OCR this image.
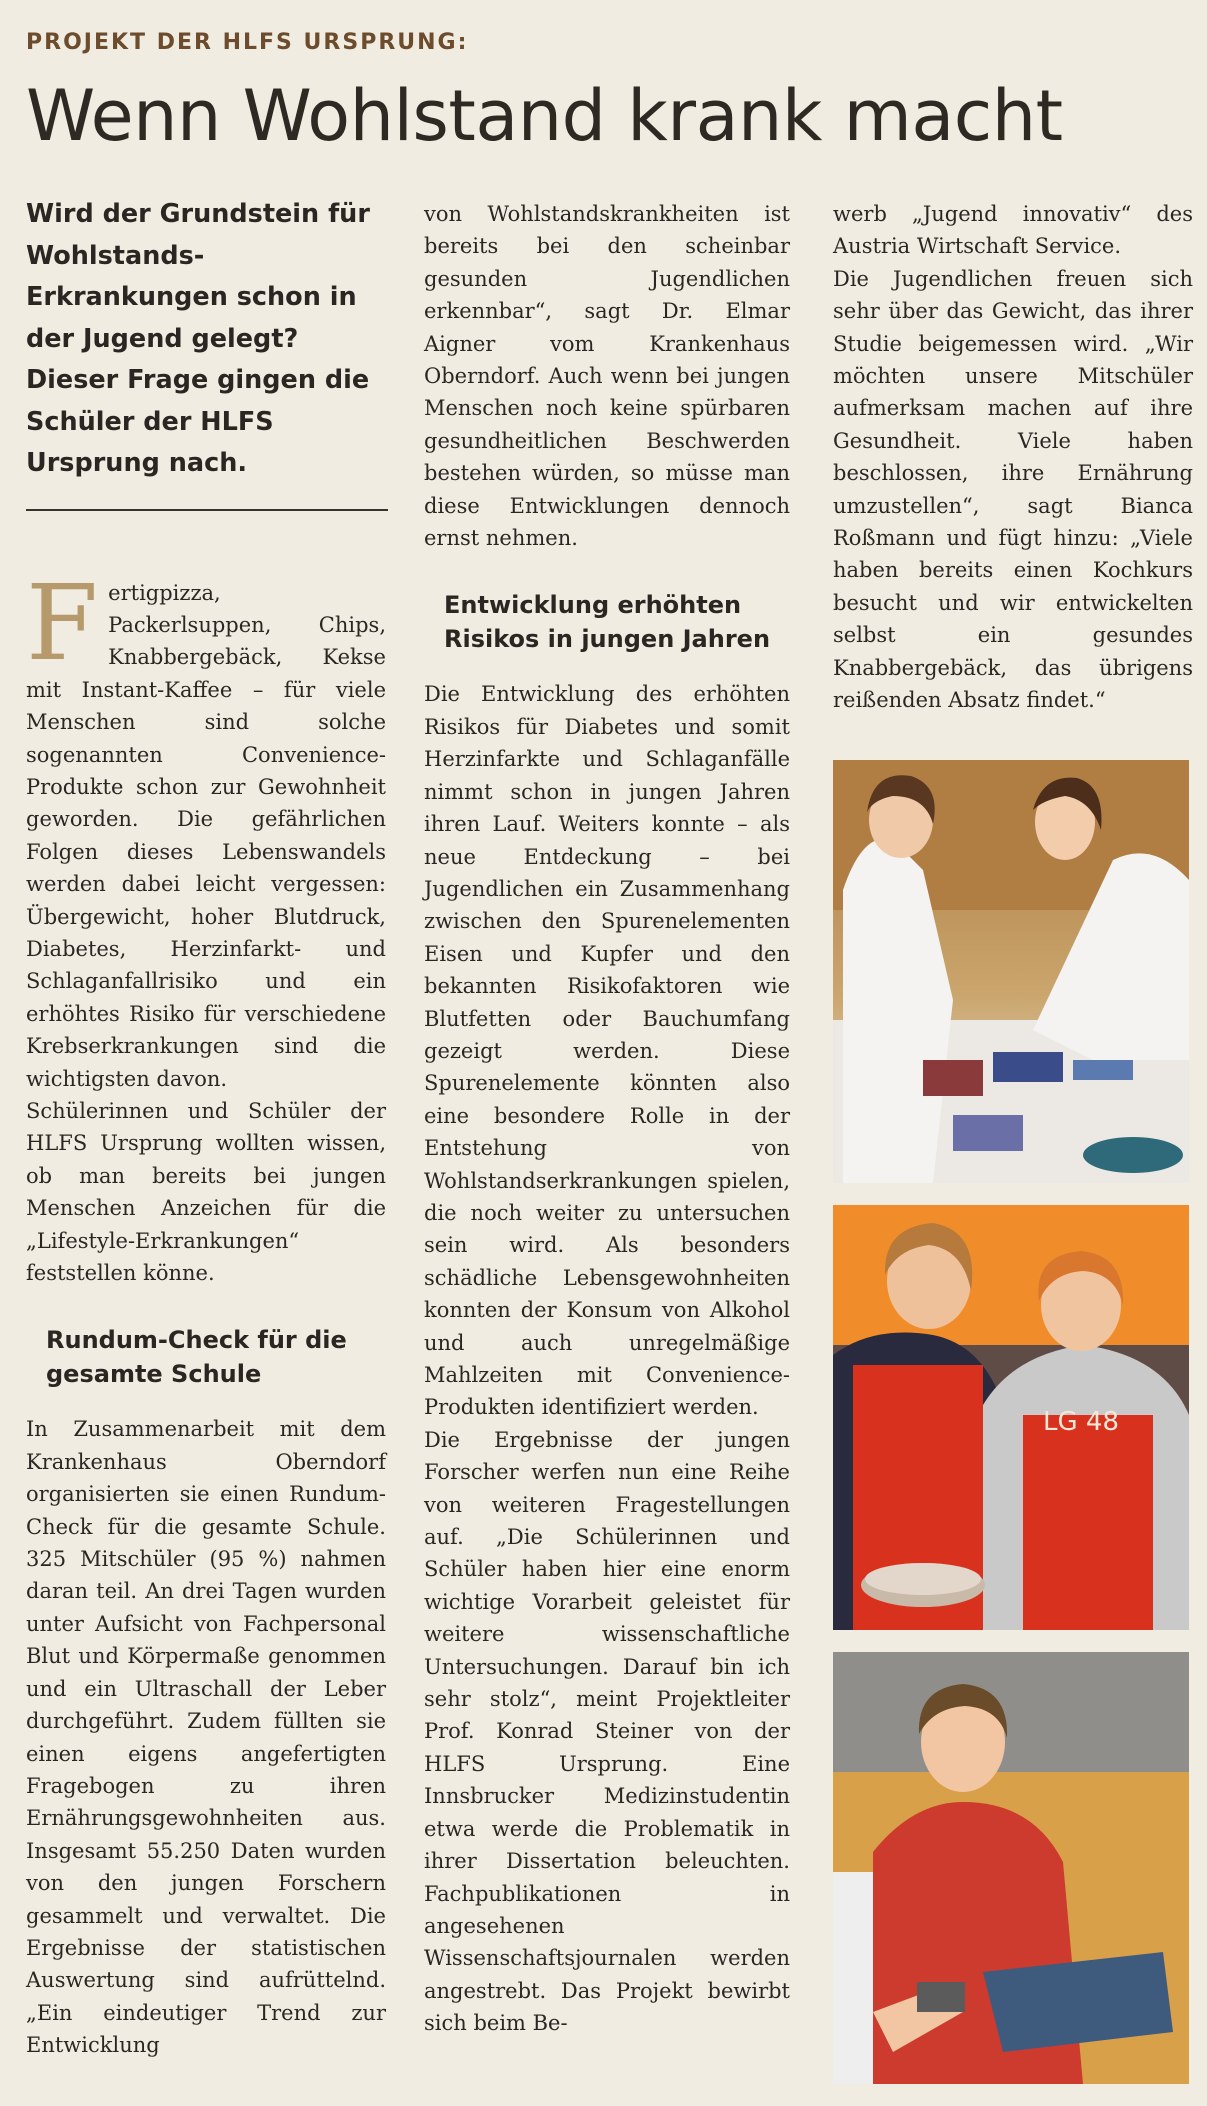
PROJEKT DER HLFS URSPRUNG:
Wenn Wohlstand krank macht
Wird der Grundstein für Wohlstands-Erkrankungen schon in der Jugend gelegt? Dieser Frage gingen die Schüler der HLFS Ursprung nach.

Fertigpizza, Packerlsuppen, Chips, Knabbergebäck, Kekse mit Instant-Kaffee – für viele Menschen sind solche sogenannten Convenience-Produkte schon zur Gewohnheit geworden. Die gefährlichen Folgen dieses Lebenswandels werden dabei leicht vergessen: Übergewicht, hoher Blutdruck, Diabetes, Herzinfarkt- und Schlaganfallrisiko und ein erhöhtes Risiko für verschiedene Krebserkrankungen sind die wichtigsten davon.

Schülerinnen und Schüler der HLFS Ursprung wollten wissen, ob man bereits bei jungen Menschen Anzeichen für die „Lifestyle-Erkrankungen“ feststellen könne.

Rundum-Check für die gesamte Schule

In Zusammenarbeit mit dem Krankenhaus Oberndorf organisierten sie einen Rundum-Check für die gesamte Schule. 325 Mitschüler (95 %) nahmen daran teil. An drei Tagen wurden unter Aufsicht von Fachpersonal Blut und Körpermaße genommen und ein Ultraschall der Leber durchgeführt. Zudem füllten sie einen eigens angefertigten Fragebogen zu ihren Ernährungsgewohnheiten aus. Insgesamt 55.250 Daten wurden von den jungen Forschern gesammelt und verwaltet. Die Ergebnisse der statistischen Auswertung sind aufrüttelnd. „Ein eindeutiger Trend zur Entwicklung

von Wohlstandskrankheiten ist bereits bei den scheinbar gesunden Jugendlichen erkennbar“, sagt Dr. Elmar Aigner vom Krankenhaus Oberndorf. Auch wenn bei jungen Menschen noch keine spürbaren gesundheitlichen Beschwerden bestehen würden, so müsse man diese Entwicklungen dennoch ernst nehmen.

Entwicklung erhöhten Risikos in jungen Jahren

Die Entwicklung des erhöhten Risikos für Diabetes und somit Herzinfarkte und Schlaganfälle nimmt schon in jungen Jahren ihren Lauf. Weiters konnte – als neue Entdeckung – bei Jugendlichen ein Zusammenhang zwischen den Spurenelementen Eisen und Kupfer und den bekannten Risikofaktoren wie Blutfetten oder Bauchumfang gezeigt werden. Diese Spurenelemente könnten also eine besondere Rolle in der Entstehung von Wohlstandserkrankungen spielen, die noch weiter zu untersuchen sein wird. Als besonders schädliche Lebensgewohnheiten konnten der Konsum von Alkohol und auch unregelmäßige Mahlzeiten mit Convenience-Produkten identifiziert werden.

Die Ergebnisse der jungen Forscher werfen nun eine Reihe von weiteren Fragestellungen auf. „Die Schülerinnen und Schüler haben hier eine enorm wichtige Vorarbeit geleistet für weitere wissenschaftliche Untersuchungen. Darauf bin ich sehr stolz“, meint Projektleiter Prof. Konrad Steiner von der HLFS Ursprung. Eine Innsbrucker Medizinstudentin etwa werde die Problematik in ihrer Dissertation beleuchten. Fachpublikationen in angesehenen Wissenschaftsjournalen werden angestrebt. Das Projekt bewirbt sich beim Be-

werb „Jugend innovativ“ des Austria Wirtschaft Service.

Die Jugendlichen freuen sich sehr über das Gewicht, das ihrer Studie beigemessen wird. „Wir möchten unsere Mitschüler aufmerksam machen auf ihre Gesundheit. Viele haben beschlossen, ihre Ernährung umzustellen“, sagt Bianca Roßmann und fügt hinzu: „Viele haben bereits einen Kochkurs besucht und wir entwickelten selbst ein gesundes Knabbergebäck, das übrigens reißenden Absatz findet.“

LG 48
